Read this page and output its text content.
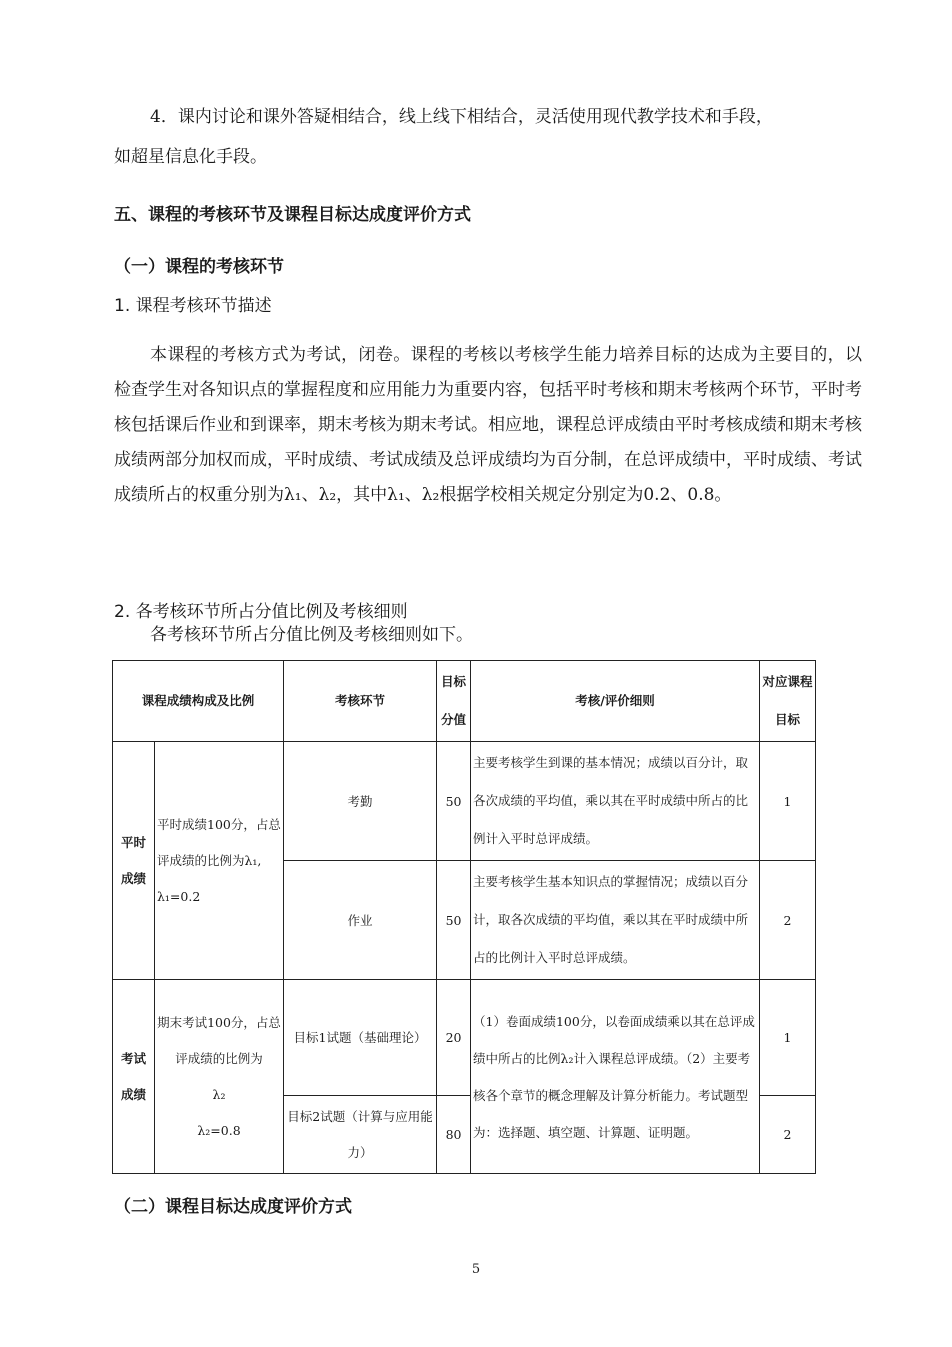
4．课内讨论和课外答疑相结合，线上线下相结合，灵活使用现代教学技术和手段，

如超星信息化手段。

五、课程的考核环节及课程目标达成度评价方式
（一）课程的考核环节
1. 课程考核环节描述

本课程的考核方式为考试，闭卷。课程的考核以考核学生能力培养目标的达成为主要目的，以检查学生对各知识点的掌握程度和应用能力为重要内容，包括平时考核和期末考核两个环节，平时考核包括课后作业和到课率，期末考核为期末考试。相应地，课程总评成绩由平时考核成绩和期末考核成绩两部分加权而成，平时成绩、考试成绩及总评成绩均为百分制，在总评成绩中，平时成绩、考试成绩所占的权重分别为λ₁、λ₂，其中λ₁、λ₂根据学校相关规定分别定为0.2、0.8。

2. 各考核环节所占分值比例及考核细则

各考核环节所占分值比例及考核细则如下。

课程成绩构成及比例		考核环节	目标分值	考核/评价细则	对应课程目标
平时成绩	平时成绩100分，占总评成绩的比例为λ₁, λ₁=0.2	考勤	50	主要考核学生到课的基本情况；成绩以百分计，取各次成绩的平均值，乘以其在平时成绩中所占的比例计入平时总评成绩。	1
		作业	50	主要考核学生基本知识点的掌握情况；成绩以百分计，取各次成绩的平均值，乘以其在平时成绩中所占的比例计入平时总评成绩。	2
考试成绩	期末考试100分，占总评成绩的比例为
λ₂
λ₂=0.8	目标1试题（基础理论）	20	（1）卷面成绩100分，以卷面成绩乘以其在总评成绩中所占的比例λ₂计入课程总评成绩。（2）主要考核各个章节的概念理解及计算分析能力。考试题型为：选择题、填空题、计算题、证明题。	1
		目标2试题（计算与应用能力）	80		2
（二）课程目标达成度评价方式
5
